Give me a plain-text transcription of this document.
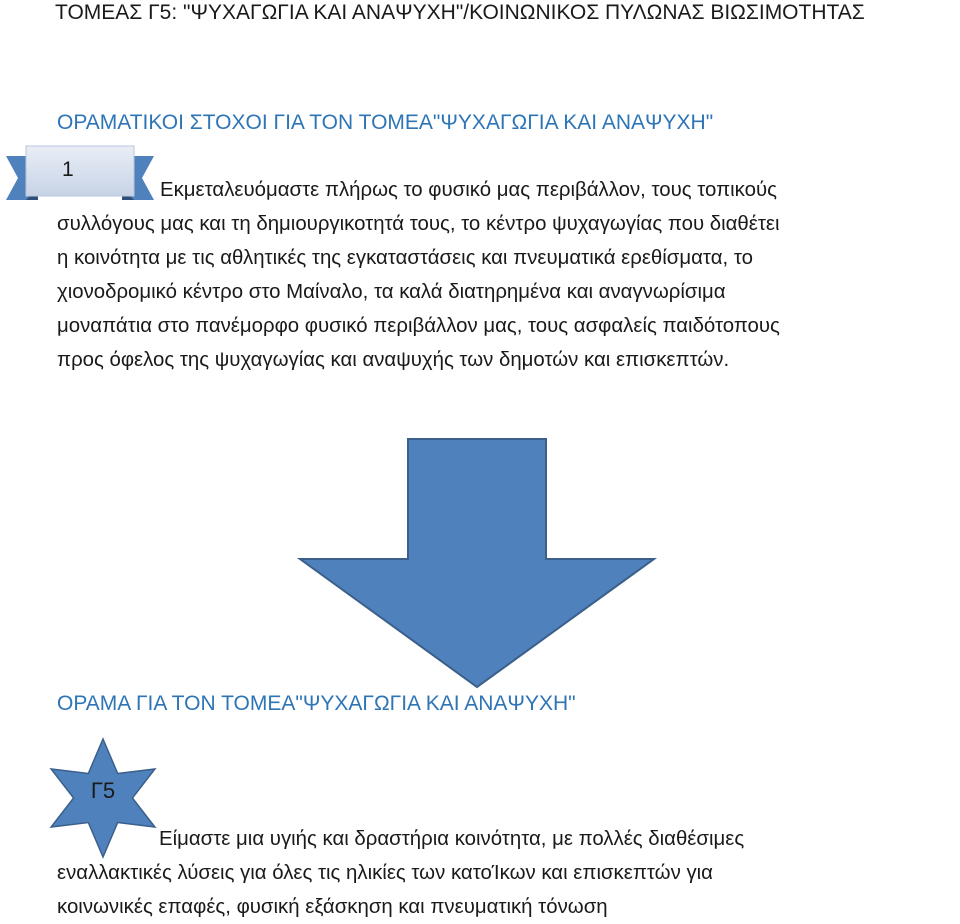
ΤΟΜΕΑΣ Γ5: "ΨΥΧΑΓΩΓΙΑ ΚΑΙ ΑΝΑΨΥΧΗ"/ΚΟΙΝΩΝΙΚΟΣ ΠΥΛΩΝΑΣ ΒΙΩΣΙΜΟΤΗΤΑΣ
ΟΡΑΜΑΤΙΚΟΙ ΣΤΟΧΟΙ ΓΙΑ ΤΟΝ ΤΟΜΕΑ"ΨΥΧΑΓΩΓΙΑ ΚΑΙ ΑΝΑΨΥΧΗ"
1
Εκμεταλευόμαστε πλήρως το φυσικό μας περιβάλλον, τους τοπικούς
συλλόγους μας και τη δημιουργικοτητά τους, το κέντρο ψυχαγωγίας που διαθέτει
η κοινότητα με τις αθλητικές της εγκαταστάσεις και πνευματικά ερεθίσματα, το
χιονοδρομικό κέντρο στο Μαίναλο, τα καλά διατηρημένα και αναγνωρίσιμα
μοναπάτια στο πανέμορφο φυσικό περιβάλλον μας, τους ασφαλείς παιδότοπους
προς όφελος της ψυχαγωγίας και αναψυχής των δημοτών και επισκεπτών.
ΟΡΑΜΑ ΓΙΑ ΤΟΝ ΤΟΜΕΑ"ΨΥΧΑΓΩΓΙΑ ΚΑΙ ΑΝΑΨΥΧΗ"
Γ5
Είμαστε μια υγιής και δραστήρια κοινότητα, με πολλές διαθέσιμες
εναλλακτικές λύσεις για όλες τις ηλικίες των κατοΊκων και επισκεπτών για
κοινωνικές επαφές, φυσική εξάσκηση και πνευματική τόνωση
